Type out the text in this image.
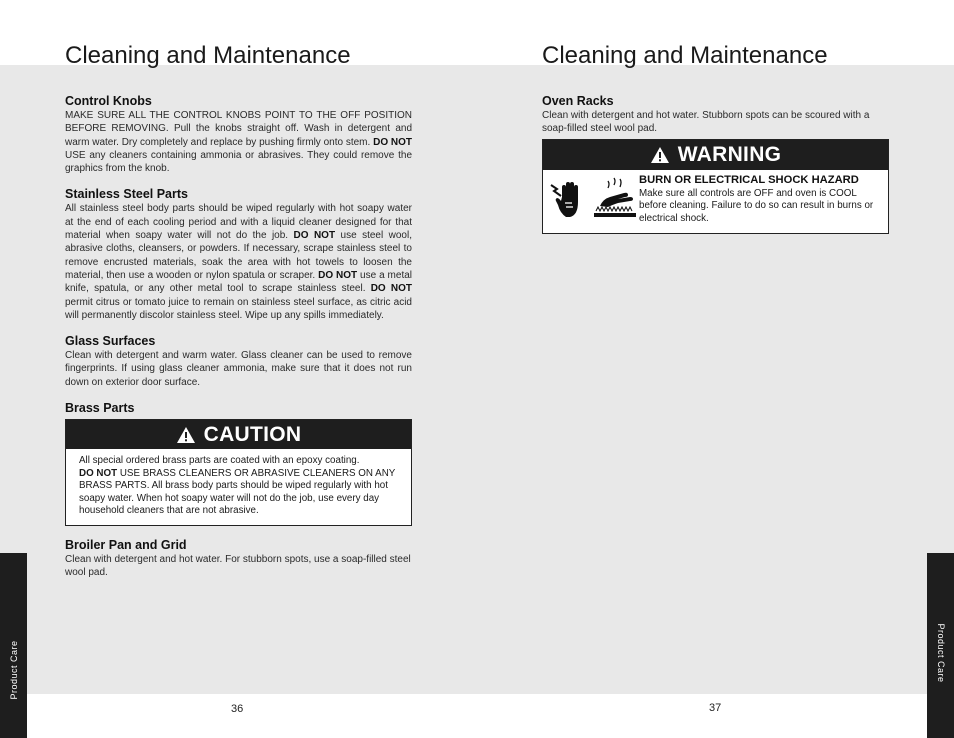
Product Care	Product Care
Cleaning and Maintenance
Control Knobs
MAKE SURE ALL THE CONTROL KNOBS POINT TO THE OFF POSITION BEFORE REMOVING. Pull the knobs straight off. Wash in detergent and warm water. Dry completely and replace by pushing firmly onto stem. DO NOT USE any cleaners containing ammonia or abrasives. They could remove the graphics from the knob.
Stainless Steel Parts
All stainless steel body parts should be wiped regularly with hot soapy water at the end of each cooling period and with a liquid cleaner designed for that material when soapy water will not do the job. DO NOT use steel wool, abrasive cloths, cleansers, or powders. If necessary, scrape stainless steel to remove encrusted materials, soak the area with hot towels to loosen the material, then use a wooden or nylon spatula or scraper. DO NOT use a metal knife, spatula, or any other metal tool to scrape stainless steel. DO NOT permit citrus or tomato juice to remain on stainless steel surface, as citric acid will permanently discolor stainless steel. Wipe up any spills immediately.
Glass Surfaces
Clean with detergent and warm water. Glass cleaner can be used to remove fingerprints. If using glass cleaner ammonia, make sure that it does not run down on exterior door surface.
Brass Parts
CAUTION
All special ordered brass parts are coated with an epoxy coating.
DO NOT USE BRASS CLEANERS OR ABRASIVE CLEANERS ON ANY BRASS PARTS. All brass body parts should be wiped regularly with hot soapy water. When hot soapy water will not do the job, use every day household cleaners that are not abrasive.
Broiler Pan and Grid
Clean with detergent and hot water. For stubborn spots, use a soap-filled steel wool pad.
36
Cleaning and Maintenance
Oven Racks
Clean with detergent and hot water. Stubborn spots can be scoured with a soap-filled steel wool pad.
WARNING
BURN OR ELECTRICAL SHOCK HAZARD
Make sure all controls are OFF and oven is COOL before cleaning. Failure to do so can result in burns or electrical shock.
37
